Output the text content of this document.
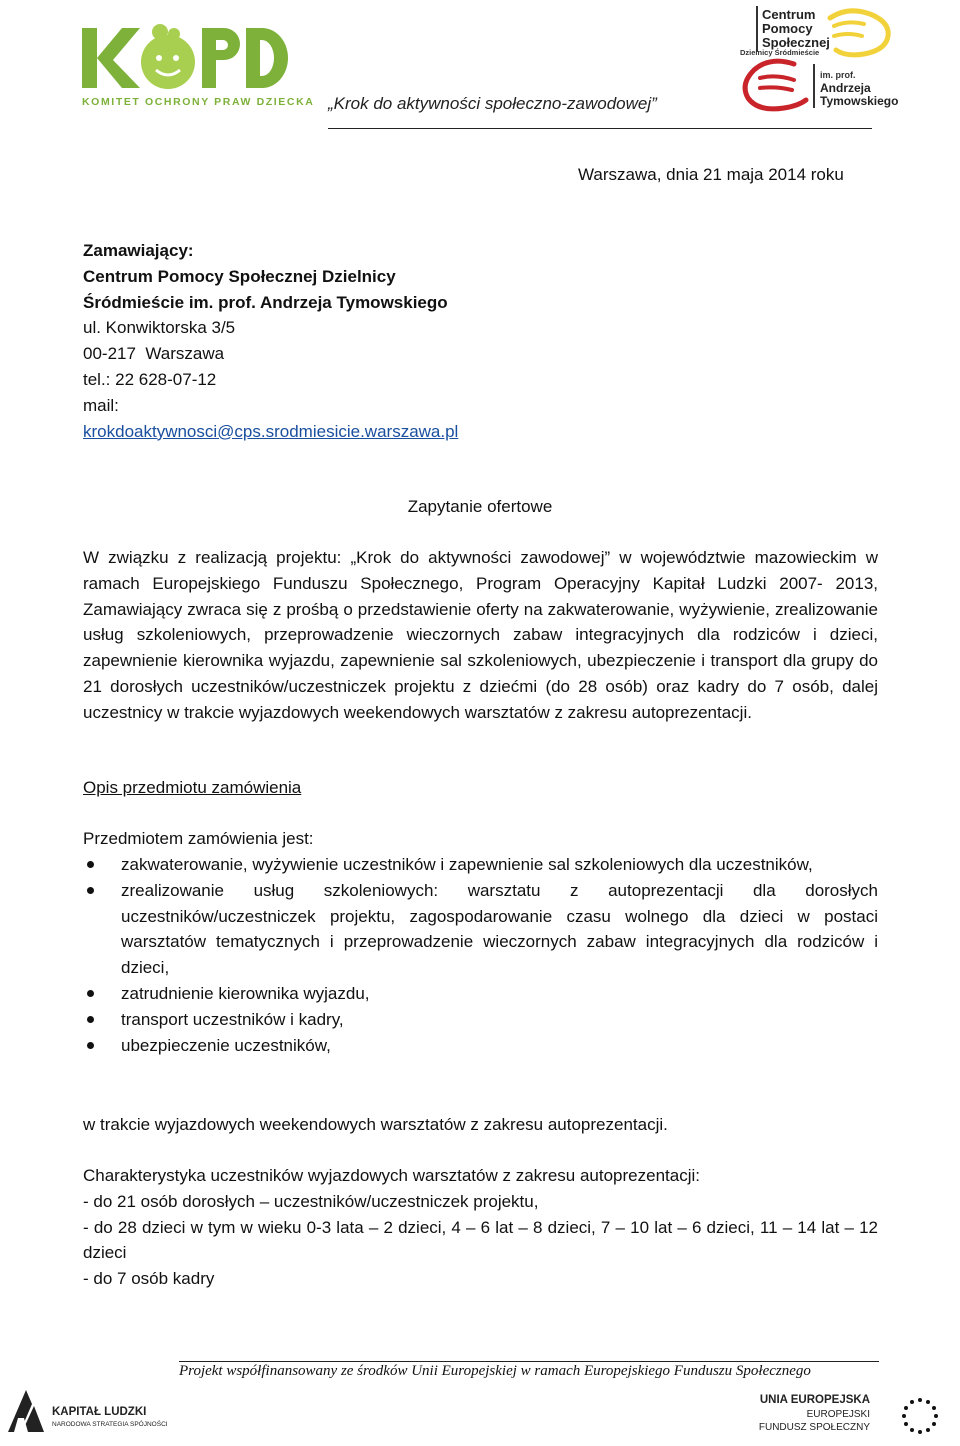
KOMITET OCHRONY PRAW DZIECKA „Krok do aktywności społeczno-zawodowej”
Centrum
Pomocy
Społecznej
Dzielnicy Śródmieście
im. prof.
Andrzeja
Tymowskiego
Warszawa, dnia 21 maja 2014 roku
Zamawiający:
Centrum Pomocy Społecznej Dzielnicy
Śródmieście im. prof. Andrzeja Tymowskiego
ul. Konwiktorska 3/5
00-217  Warszawa
tel.: 22 628-07-12
mail:
krokdoaktywnosci@cps.srodmiesicie.warszawa.pl
Zapytanie ofertowe
W związku z realizacją projektu: „Krok do aktywności zawodowej” w województwie mazowieckim w ramach Europejskiego Funduszu Społecznego, Program Operacyjny Kapitał Ludzki 2007- 2013, Zamawiający zwraca się z prośbą o przedstawienie oferty na zakwaterowanie, wyżywienie, zrealizowanie usług szkoleniowych, przeprowadzenie wieczornych zabaw integracyjnych dla rodziców i dzieci, zapewnienie kierownika wyjazdu, zapewnienie sal szkoleniowych, ubezpieczenie i transport dla grupy do 21 dorosłych uczestników/uczestniczek projektu z dziećmi (do 28 osób) oraz kadry do 7 osób, dalej uczestnicy w trakcie wyjazdowych weekendowych warsztatów z zakresu autoprezentacji.
Opis przedmiotu zamówienia
Przedmiotem zamówienia jest:
zakwaterowanie, wyżywienie uczestników i zapewnienie sal szkoleniowych dla uczestników,
zrealizowanie usług szkoleniowych: warsztatu z autoprezentacji dla dorosłych uczestników/uczestniczek projektu, zagospodarowanie czasu wolnego dla dzieci w postaci warsztatów tematycznych i przeprowadzenie wieczornych zabaw integracyjnych dla rodziców i dzieci,
zatrudnienie kierownika wyjazdu,
transport uczestników i kadry,
ubezpieczenie uczestników,
w trakcie wyjazdowych weekendowych warsztatów z zakresu autoprezentacji.
Charakterystyka uczestników wyjazdowych warsztatów z zakresu autoprezentacji:
- do 21 osób dorosłych – uczestników/uczestniczek projektu,
- do 28 dzieci w tym w wieku 0-3 lata – 2 dzieci, 4 – 6 lat – 8 dzieci, 7 – 10 lat – 6 dzieci, 11 – 14 lat – 12 dzieci
- do 7 osób kadry
Projekt współfinansowany ze środków Unii Europejskiej w ramach Europejskiego Funduszu Społecznego
KAPITAŁ LUDZKI
NARODOWA STRATEGIA SPÓJNOŚCI
UNIA EUROPEJSKA
EUROPEJSKI
FUNDUSZ SPOŁECZNY
